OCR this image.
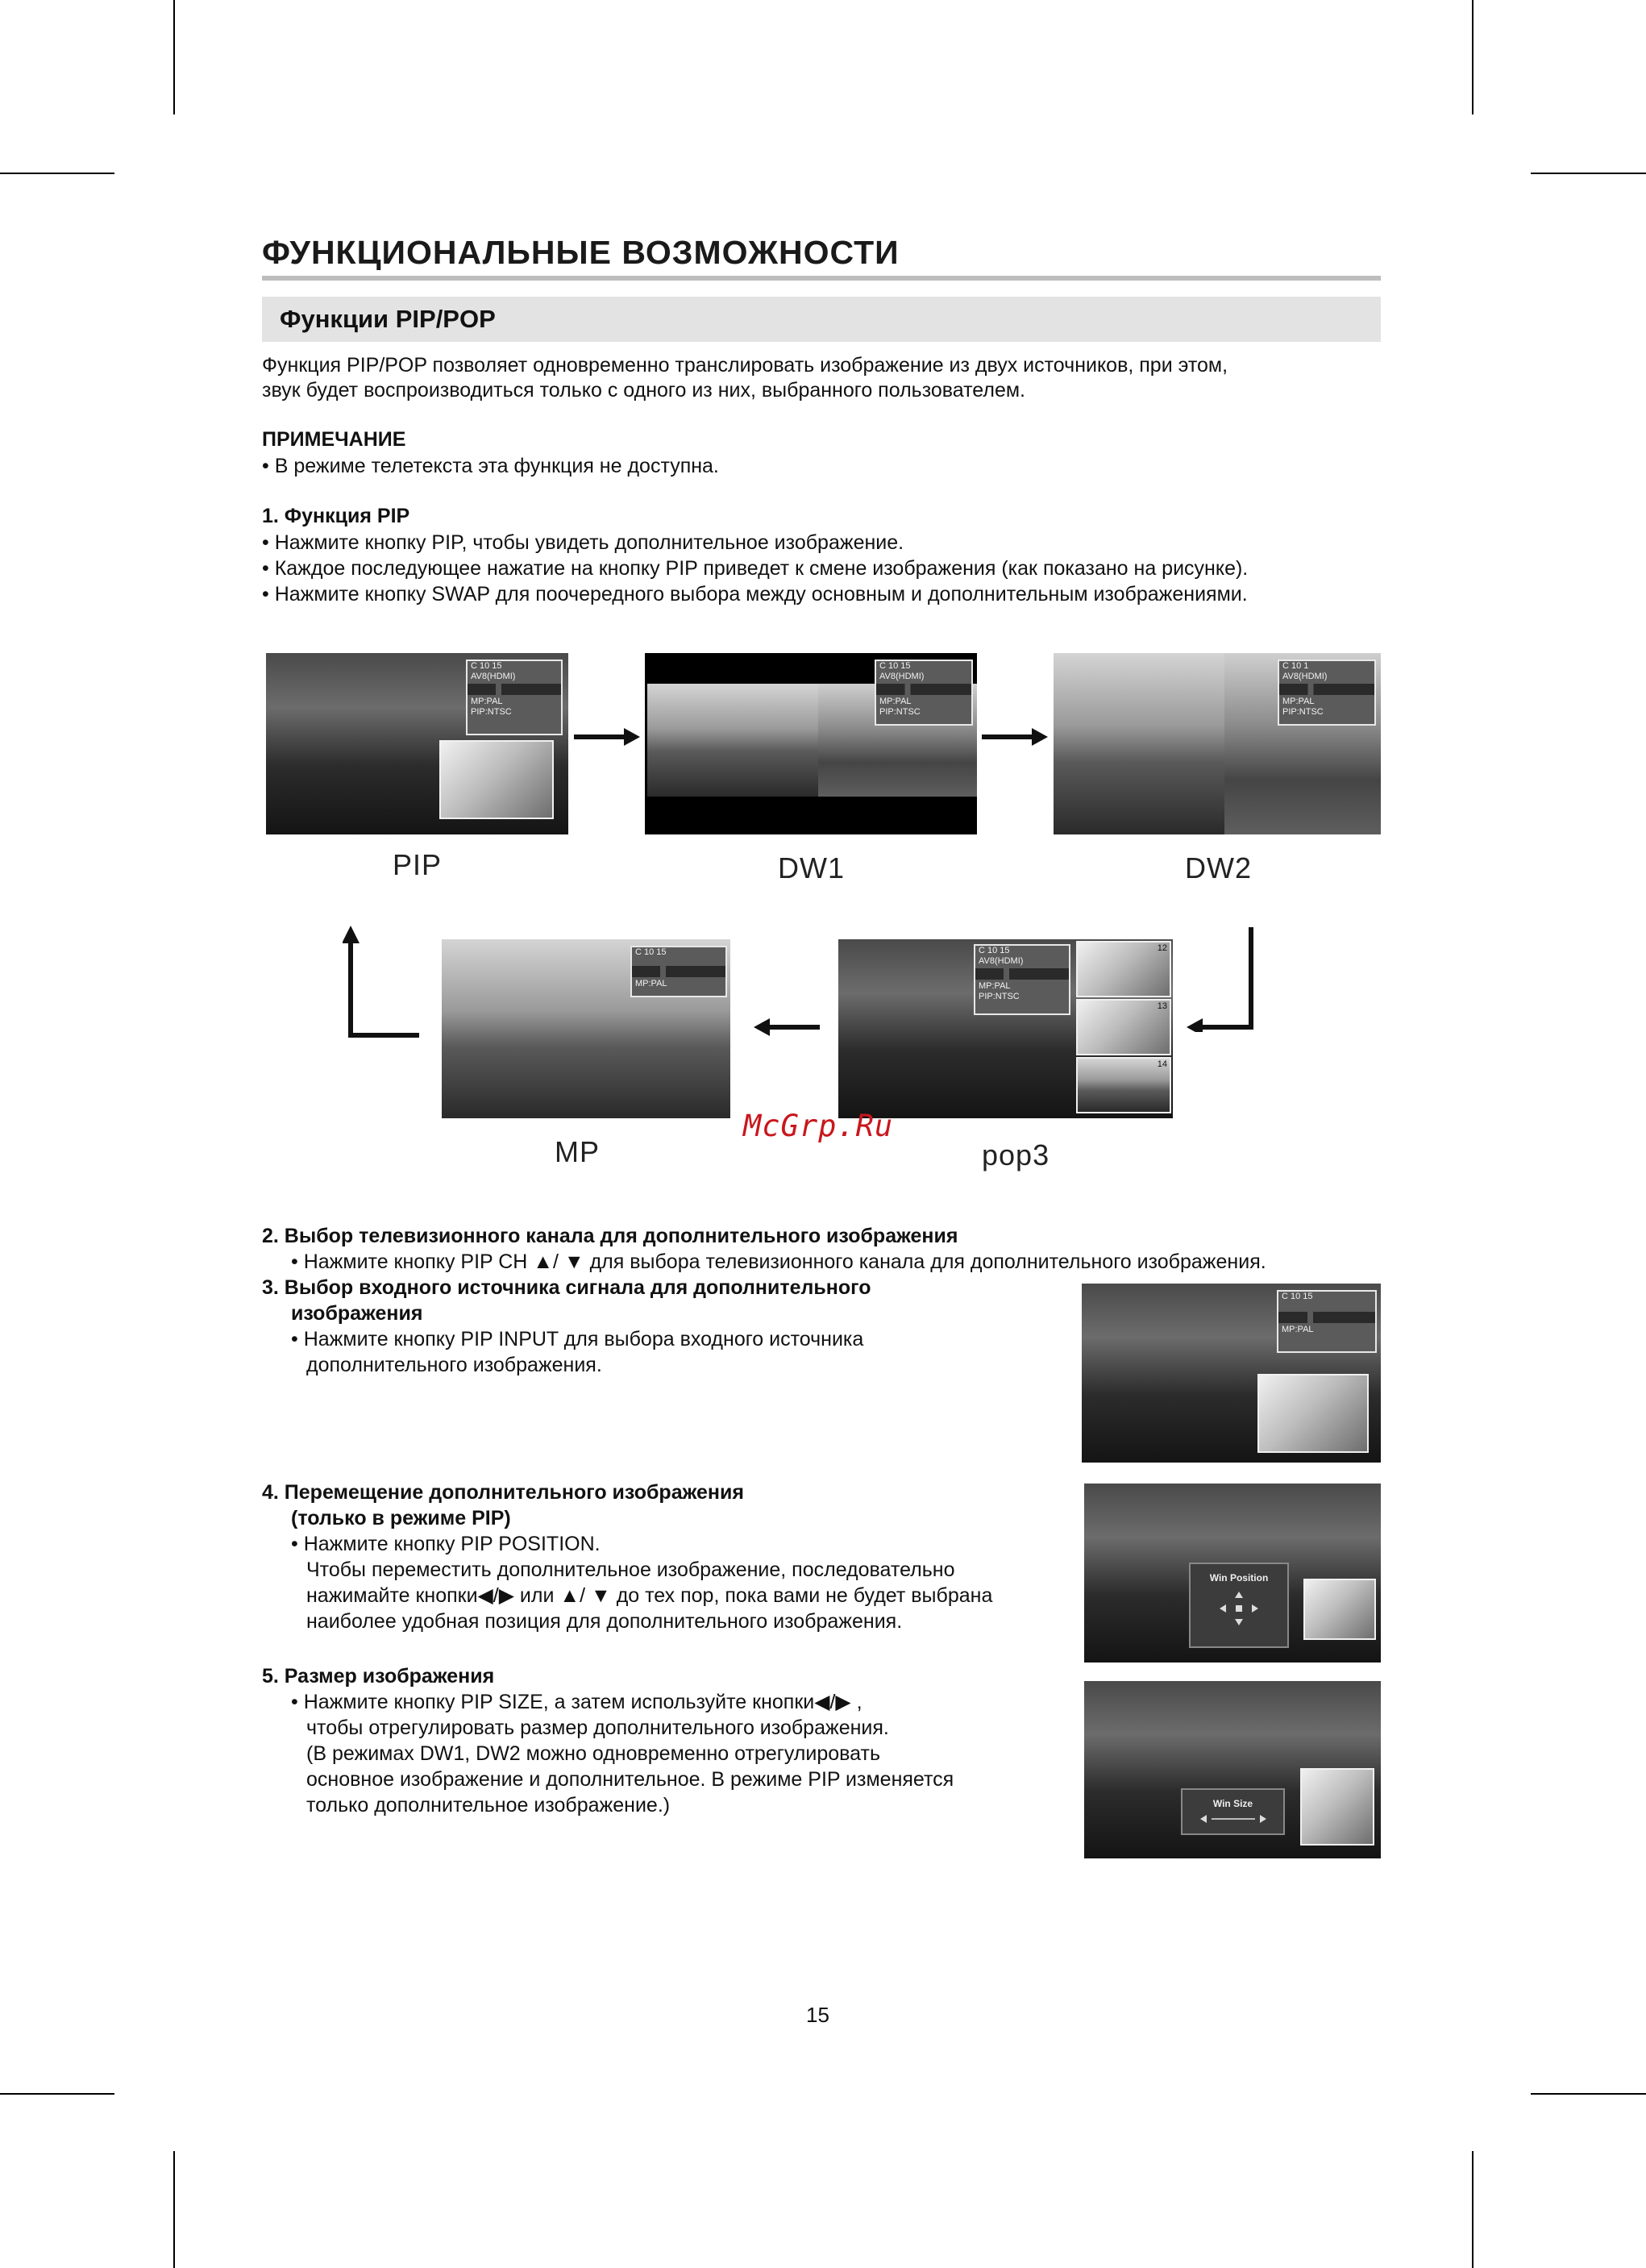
ФУНКЦИОНАЛЬНЫЕ ВОЗМОЖНОСТИ
Функции PIP/POP
Функция PIP/POP позволяет одновременно транслировать изображение из двух источников, при этом,
звук будет воспроизводиться только с одного из них, выбранного пользователем.
ПРИМЕЧАНИЕ
• В режиме телетекста эта функция не доступна.
1. Функция PIP
• Нажмите кнопку PIP, чтобы увидеть дополнительное изображение.
• Каждое последующее нажатие на кнопку PIP приведет к смене изображения (как показано на рисунке).
• Нажмите кнопку SWAP для поочередного выбора между основным и дополнительным изображениями.
C 10 15
AV8(HDMI)
MP:PAL
PIP:NTSC
C 10 15
AV8(HDMI)
MP:PAL
PIP:NTSC
C 10 1
AV8(HDMI)
MP:PAL
PIP:NTSC
PIP	DW1	DW2
C 10 15
AV8(HDMI)
MP:PAL
PIP:NTSC
12
13
14
C 10 15
MP:PAL
MP	pop3
McGrp.Ru
2. Выбор телевизионного канала для дополнительного изображения
• Нажмите кнопку PIP CH ▲/ ▼ для выбора телевизионного канала для дополнительного изображения.
3. Выбор входного источника сигнала для дополнительного
изображения
• Нажмите кнопку PIP INPUT для выбора входного источника
дополнительного изображения.
C 10 15
MP:PAL
4. Перемещение дополнительного изображения
(только в режиме PIP)
• Нажмите кнопку PIP POSITION.
Чтобы переместить дополнительное изображение, последовательно
нажимайте кнопки◀/▶ или ▲/ ▼ до тех пор, пока вами не будет выбрана
наиболее удобная позиция для дополнительного изображения.
Win Position
5. Размер изображения
• Нажмите кнопку PIP SIZE, а затем используйте кнопки◀/▶ ,
чтобы отрегулировать размер дополнительного изображения.
(В режимах DW1, DW2 можно одновременно отрегулировать
основное изображение и дополнительное. В режиме PIP изменяется
только дополнительное изображение.)	Win Size
15
